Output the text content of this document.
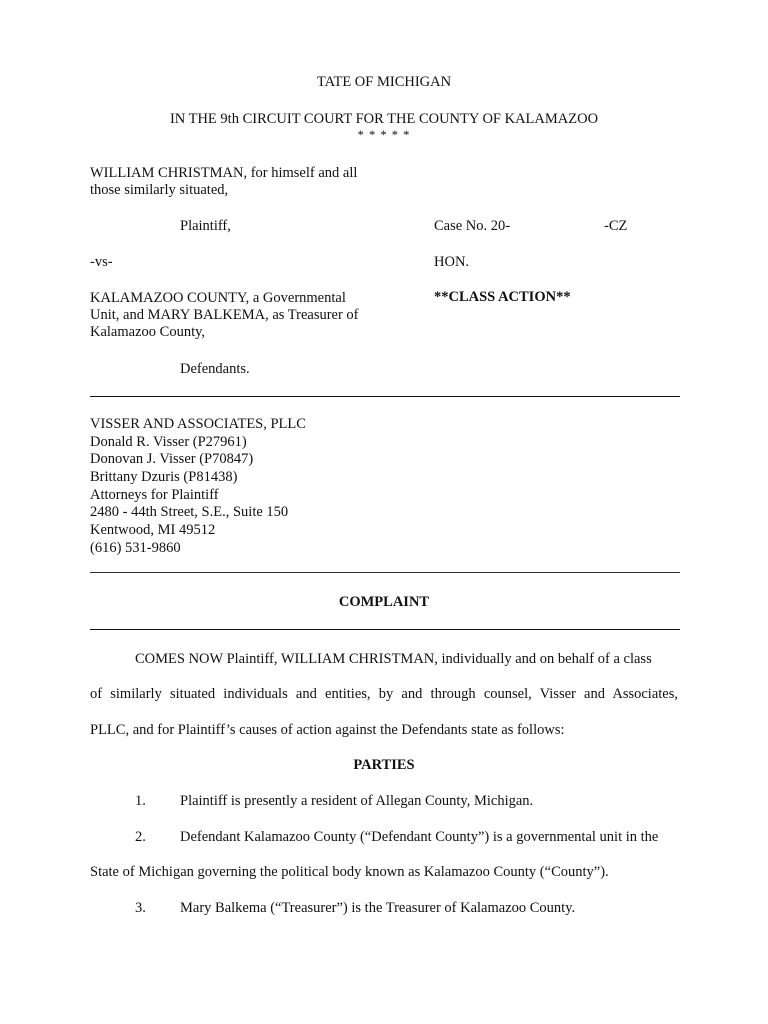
TATE OF MICHIGAN
IN THE 9th CIRCUIT COURT FOR THE COUNTY OF KALAMAZOO
* * * * *
WILLIAM CHRISTMAN, for himself and all
those similarly situated,
Plaintiff,
-vs-
KALAMAZOO COUNTY, a Governmental
Unit, and MARY BALKEMA, as Treasurer of
Kalamazoo County,
Defendants.
Case No. 20-	-CZ
HON.
**CLASS ACTION**
VISSER AND ASSOCIATES, PLLC
Donald R. Visser (P27961)
Donovan J. Visser (P70847)
Brittany Dzuris (P81438)
Attorneys for Plaintiff
2480 - 44th Street, S.E., Suite 150
Kentwood, MI 49512
(616) 531-9860
COMPLAINT
COMES NOW Plaintiff, WILLIAM CHRISTMAN, individually and on behalf of a class
of similarly situated individuals and entities, by and through counsel, Visser and Associates,
PLLC, and for Plaintiff’s causes of action against the Defendants state as follows:
PARTIES
1. Plaintiff is presently a resident of Allegan County, Michigan.
2. Defendant Kalamazoo County (“Defendant County”) is a governmental unit in the
State of Michigan governing the political body known as Kalamazoo County (“County”).
3. Mary Balkema (“Treasurer”) is the Treasurer of Kalamazoo County.
